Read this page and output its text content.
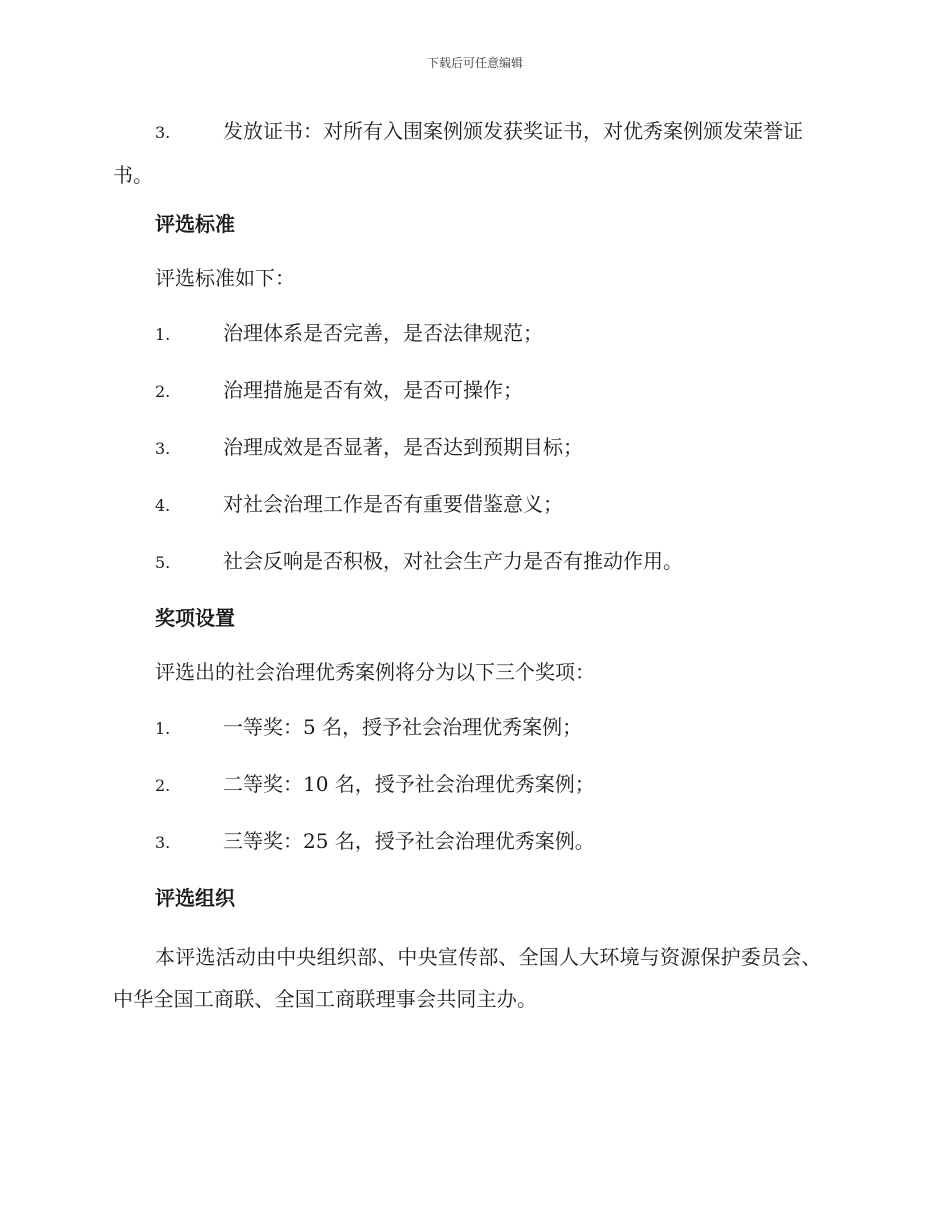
下载后可任意编辑
3.	发放证书：对所有入围案例颁发获奖证书，对优秀案例颁发荣誉证书。
评选标准
评选标准如下：
1.	治理体系是否完善，是否法律规范；
2.	治理措施是否有效，是否可操作；
3.	治理成效是否显著，是否达到预期目标；
4.	对社会治理工作是否有重要借鉴意义；
5.	社会反响是否积极，对社会生产力是否有推动作用。
奖项设置
评选出的社会治理优秀案例将分为以下三个奖项：
1.	一等奖：5 名，授予社会治理优秀案例；
2.	二等奖：10 名，授予社会治理优秀案例；
3.	三等奖：25 名，授予社会治理优秀案例。
评选组织

本评选活动由中央组织部、中央宣传部、全国人大环境与资源保护委员会、中华全国工商联、全国工商联理事会共同主办。
